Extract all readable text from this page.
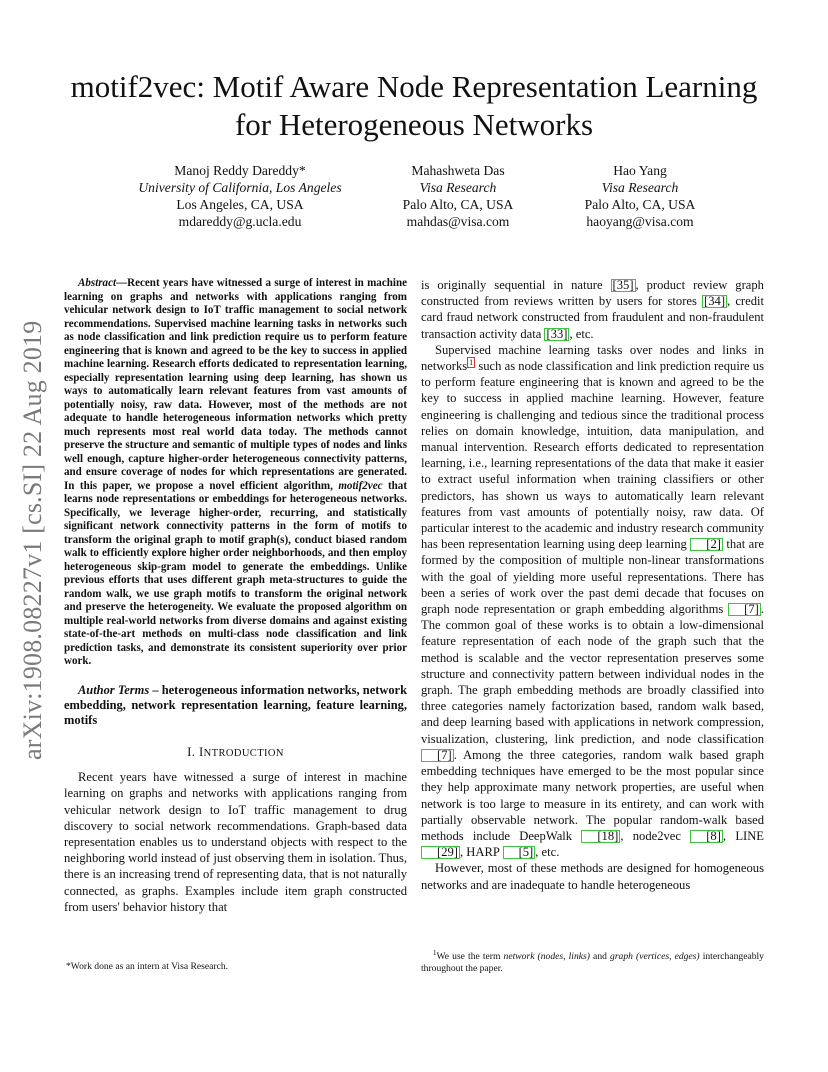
arXiv:1908.08227v1 [cs.SI] 22 Aug 2019
motif2vec: Motif Aware Node Representation Learning for Heterogeneous Networks
Manoj Reddy Dareddy*
University of California, Los Angeles
Los Angeles, CA, USA
mdareddy@g.ucla.edu
Mahashweta Das
Visa Research
Palo Alto, CA, USA
mahdas@visa.com
Hao Yang
Visa Research
Palo Alto, CA, USA
haoyang@visa.com

Abstract—Recent years have witnessed a surge of interest in machine learning on graphs and networks with applications ranging from vehicular network design to IoT traffic management to social network recommendations. Supervised machine learning tasks in networks such as node classification and link prediction require us to perform feature engineering that is known and agreed to be the key to success in applied machine learning. Research efforts dedicated to representation learning, especially representation learning using deep learning, has shown us ways to automatically learn relevant features from vast amounts of potentially noisy, raw data. However, most of the methods are not adequate to handle heterogeneous information networks which pretty much represents most real world data today. The methods cannot preserve the structure and semantic of multiple types of nodes and links well enough, capture higher-order heterogeneous connectivity patterns, and ensure coverage of nodes for which representations are generated. In this paper, we propose a novel efficient algorithm, motif2vec that learns node representations or embeddings for heterogeneous networks. Specifically, we leverage higher-order, recurring, and statistically significant network connectivity patterns in the form of motifs to transform the original graph to motif graph(s), conduct biased random walk to efficiently explore higher order neighborhoods, and then employ heterogeneous skip-gram model to generate the embeddings. Unlike previous efforts that uses different graph meta-structures to guide the random walk, we use graph motifs to transform the original network and preserve the heterogeneity. We evaluate the proposed algorithm on multiple real-world networks from diverse domains and against existing state-of-the-art methods on multi-class node classification and link prediction tasks, and demonstrate its consistent superiority over prior work.

Author Terms – heterogeneous information networks, network embedding, network representation learning, feature learning, motifs

I. INTRODUCTION

Recent years have witnessed a surge of interest in machine learning on graphs and networks with applications ranging from vehicular network design to IoT traffic management to drug discovery to social network recommendations. Graph-based data representation enables us to understand objects with respect to the neighboring world instead of just observing them in isolation. Thus, there is an increasing trend of representing data, that is not naturally connected, as graphs. Examples include item graph constructed from users' behavior history that

is originally sequential in nature [35] , product review graph constructed from reviews written by users for stores [34] , credit card fraud network constructed from fraudulent and non-fraudulent transaction activity data [33] , etc.

Supervised machine learning tasks over nodes and links in networks $^1$ such as node classification and link prediction require us to perform feature engineering that is known and agreed to be the key to success in applied machine learning. However, feature engineering is challenging and tedious since the traditional process relies on domain knowledge, intuition, data manipulation, and manual intervention. Research efforts dedicated to representation learning, i.e., learning representations of the data that make it easier to extract useful information when training classifiers or other predictors, has shown us ways to automatically learn relevant features from vast amounts of potentially noisy, raw data. Of particular interest to the academic and industry research community has been representation learning using deep learning [2] that are formed by the composition of multiple non-linear transformations with the goal of yielding more useful representations. There has been a series of work over the past demi decade that focuses on graph node representation or graph embedding algorithms [7] . The common goal of these works is to obtain a low-dimensional feature representation of each node of the graph such that the method is scalable and the vector representation preserves some structure and connectivity pattern between individual nodes in the graph. The graph embedding methods are broadly classified into three categories namely factorization based, random walk based, and deep learning based with applications in network compression, visualization, clustering, link prediction, and node classification [7] . Among the three categories, random walk based graph embedding techniques have emerged to be the most popular since they help approximate many network properties, are useful when network is too large to measure in its entirety, and can work with partially observable network. The popular random-walk based methods include DeepWalk [18] , node2vec [8] , LINE [29] , HARP [5] , etc.

However, most of these methods are designed for homogeneous networks and are inadequate to handle heterogeneous

*Work done as an intern at Visa Research.
$^1$We use the term network (nodes, links) and graph (vertices, edges) interchangeably throughout the paper.
